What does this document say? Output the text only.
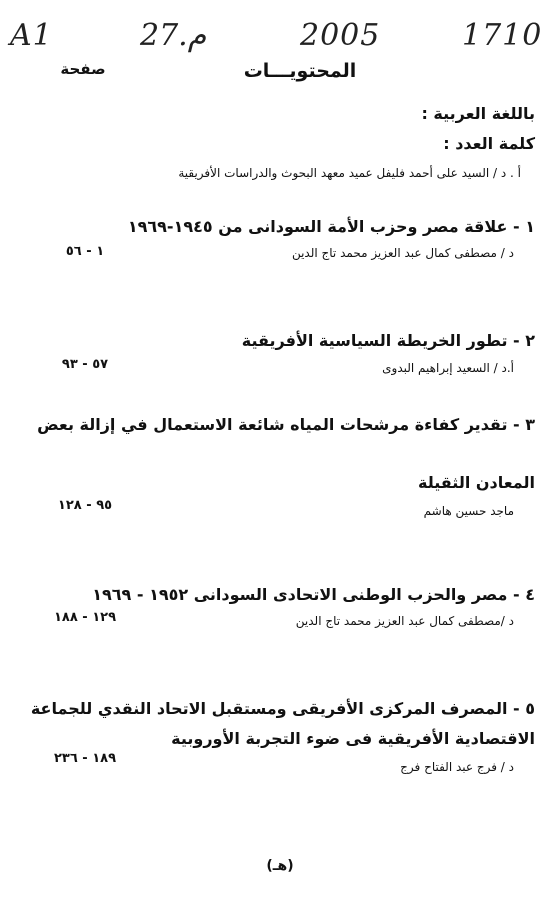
A1	27.م	2005	1710
المحتويـــات
صفحة
باللغة العربية :
كلمة العدد :
أ . د / السيد على أحمد فليفل عميد معهد البحوث والدراسات الأفريقية
١ - علاقة مصر وحزب الأمة السودانى من ١٩٤٥-١٩٦٩
د / مصطفى كمال عبد العزيز محمد تاج الدين
١ - ٥٦
٢ - تطور الخريطة السياسية الأفريقية
أ.د / السعيد إبراهيم البدوى
٥٧ - ٩٣
٣ - تقدير كفاءة مرشحات المياه شائعة الاستعمال في إزالة بعض
المعادن الثقيلة
ماجد حسين هاشم
٩٥ - ١٢٨
٤ - مصر والحزب الوطنى الاتحادى السودانى ١٩٥٢ - ١٩٦٩
د /مصطفى كمال عبد العزيز محمد تاج الدين
١٢٩ - ١٨٨
٥ - المصرف المركزى الأفريقى ومستقبل الاتحاد النقدي للجماعة
الاقتصادية الأفريقية فى ضوء التجربة الأوروبية
د / فرج عبد الفتاح فرج
١٨٩ - ٢٣٦
(هـ)
